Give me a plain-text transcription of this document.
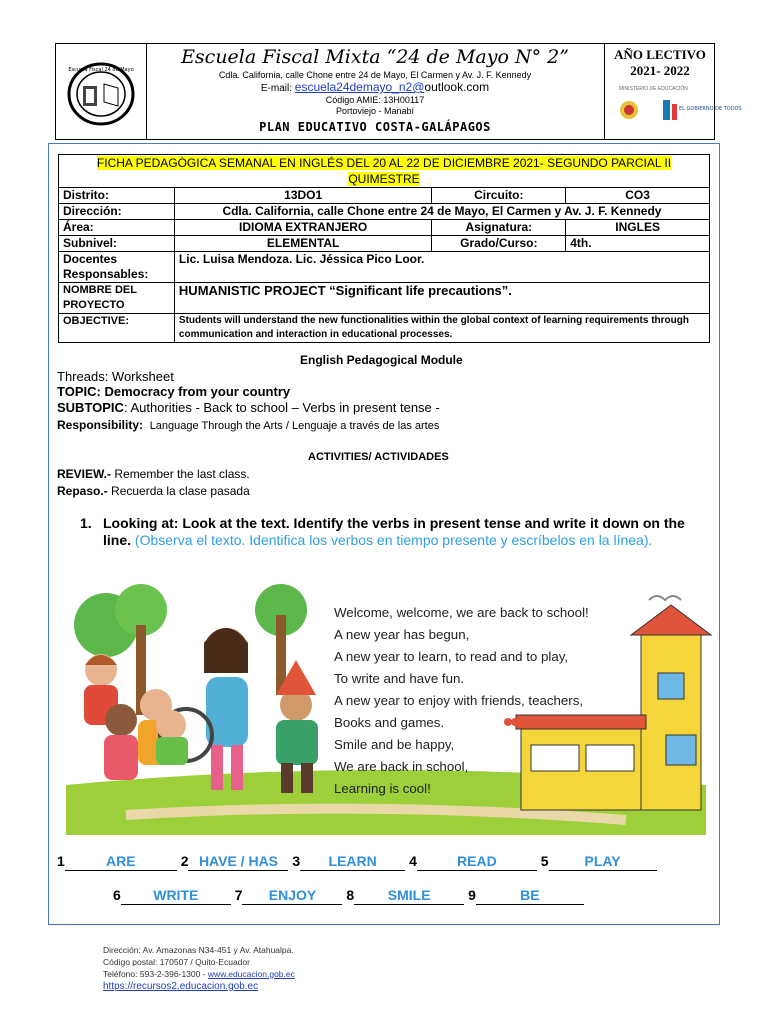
Escuela Fiscal 24 de Mayo
Escuela Fiscal Mixta “24 de Mayo N° 2”
Cdla. California, calle Chone entre 24 de Mayo, El Carmen y Av. J. F. Kennedy
E-mail: escuela24demayo_n2@outlook.com
Código AMIE: 13H00117
Portoviejo - Manabí
PLAN EDUCATIVO COSTA-GALÁPAGOS
AÑO LECTIVO
2021- 2022
MINISTERIO DE EDUCACIÓN
EL GOBIERNO DE TODOS
FICHA PEDAGÒGICA SEMANAL EN INGLÉS DEL 20 AL 22 DE DICIEMBRE 2021- SEGUNDO PARCIAL II QUIMESTRE			
Distrito:	13DO1	Circuito:	CO3
Dirección:	Cdla. California, calle Chone entre 24 de Mayo, El Carmen y Av. J. F. Kennedy		
Área:	IDIOMA EXTRANJERO	Asignatura:	INGLES
Subnivel:	ELEMENTAL	Grado/Curso:	4th.
Docentes Responsables:	Lic. Luisa Mendoza. Lic. Jéssica Pico Loor.		
NOMBRE DEL PROYECTO	HUMANISTIC PROJECT “Significant life precautions”.		
OBJECTIVE:	Students will understand the new functionalities within the global context of learning requirements through communication and interaction in educational processes.		
English Pedagogical Module
Threads: Worksheet
TOPIC: Democracy from your country
SUBTOPIC: Authorities - Back to school – Verbs in present tense -
Responsibility: Language Through the Arts / Lenguaje a través de las artes
ACTIVITIES/ ACTIVIDADES
REVIEW.- Remember the last class.
Repaso.- Recuerda la clase pasada
1. Looking at: Look at the text. Identify the verbs in present tense and write it down on the line. (Observa el texto. Identifica los verbos en tiempo presente y escríbelos en la línea).
Welcome, welcome, we are back to school!
A new year has begun,
A new year to learn, to read and to play,
To write and have fun.
A new year to enjoy with friends, teachers,
Books and games.
Smile and be happy,
We are back in school,
Learning is cool!
1	ARE	2 HAVE / HAS 3 LEARN 4	READ	5	PLAY
6 WRITE	7 ENJOY 8 SMILE	9	BE
Dirección: Av. Amazonas N34-451 y Av. Atahualpa.
Código postal: 170507 / Quito-Ecuador
Teléfono: 593-2-396-1300 - www.educacion.gob.ec
https://recursos2.educacion.gob.ec
